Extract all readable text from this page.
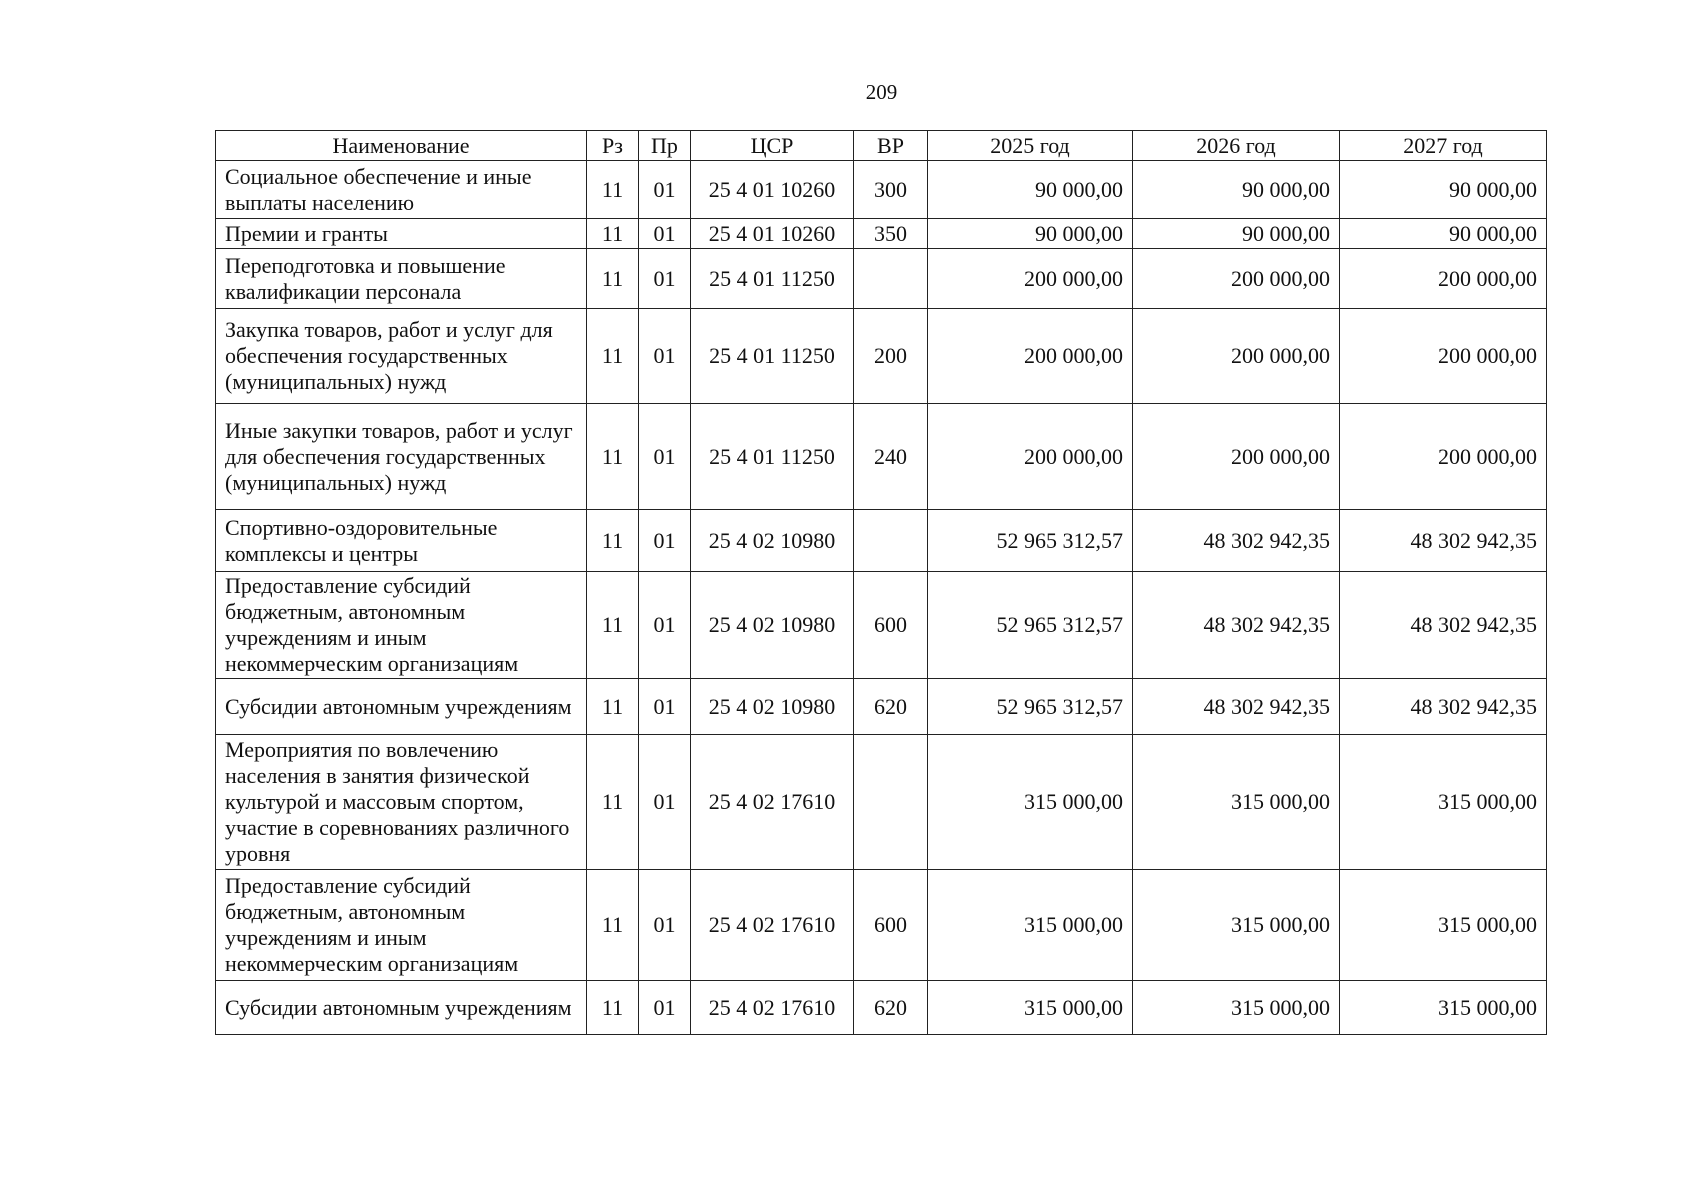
209
Наименование	Рз	Пр	ЦСР	ВР	2025 год	2026 год	2027 год
Социальное обеспечение и иные выплаты населению	11	01	25 4 01 10260	300	90 000,00	90 000,00	90 000,00
Премии и гранты	11	01	25 4 01 10260	350	90 000,00	90 000,00	90 000,00
Переподготовка и повышение квалификации персонала	11	01	25 4 01 11250		200 000,00	200 000,00	200 000,00
Закупка товаров, работ и услуг для обеспечения государственных (муниципальных) нужд	11	01	25 4 01 11250	200	200 000,00	200 000,00	200 000,00
Иные закупки товаров, работ и услуг для обеспечения государственных (муниципальных) нужд	11	01	25 4 01 11250	240	200 000,00	200 000,00	200 000,00
Спортивно-оздоровительные комплексы и центры	11	01	25 4 02 10980		52 965 312,57	48 302 942,35	48 302 942,35
Предоставление субсидий бюджетным, автономным учреждениям и иным некоммерческим организациям	11	01	25 4 02 10980	600	52 965 312,57	48 302 942,35	48 302 942,35
Субсидии автономным учреждениям	11	01	25 4 02 10980	620	52 965 312,57	48 302 942,35	48 302 942,35
Мероприятия по вовлечению населения в занятия физической культурой и массовым спортом, участие в соревнованиях различного уровня	11	01	25 4 02 17610		315 000,00	315 000,00	315 000,00
Предоставление субсидий бюджетным, автономным учреждениям и иным некоммерческим организациям	11	01	25 4 02 17610	600	315 000,00	315 000,00	315 000,00
Субсидии автономным учреждениям	11	01	25 4 02 17610	620	315 000,00	315 000,00	315 000,00
